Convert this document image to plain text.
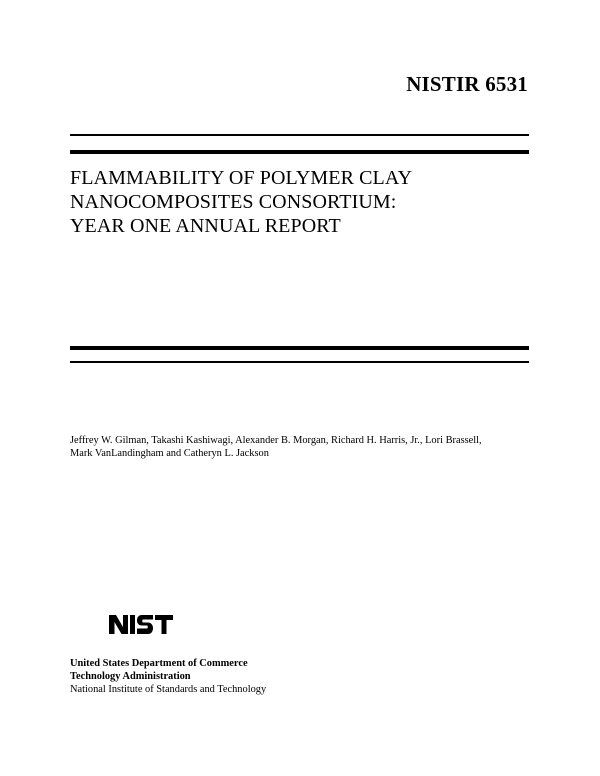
NISTIR 6531
FLAMMABILITY OF POLYMER CLAY
NANOCOMPOSITES CONSORTIUM:
YEAR ONE ANNUAL REPORT
Jeffrey W. Gilman, Takashi Kashiwagi, Alexander B. Morgan, Richard H. Harris, Jr., Lori Brassell,
Mark VanLandingham and Catheryn L. Jackson
United States Department of Commerce
Technology Administration
National Institute of Standards and Technology
